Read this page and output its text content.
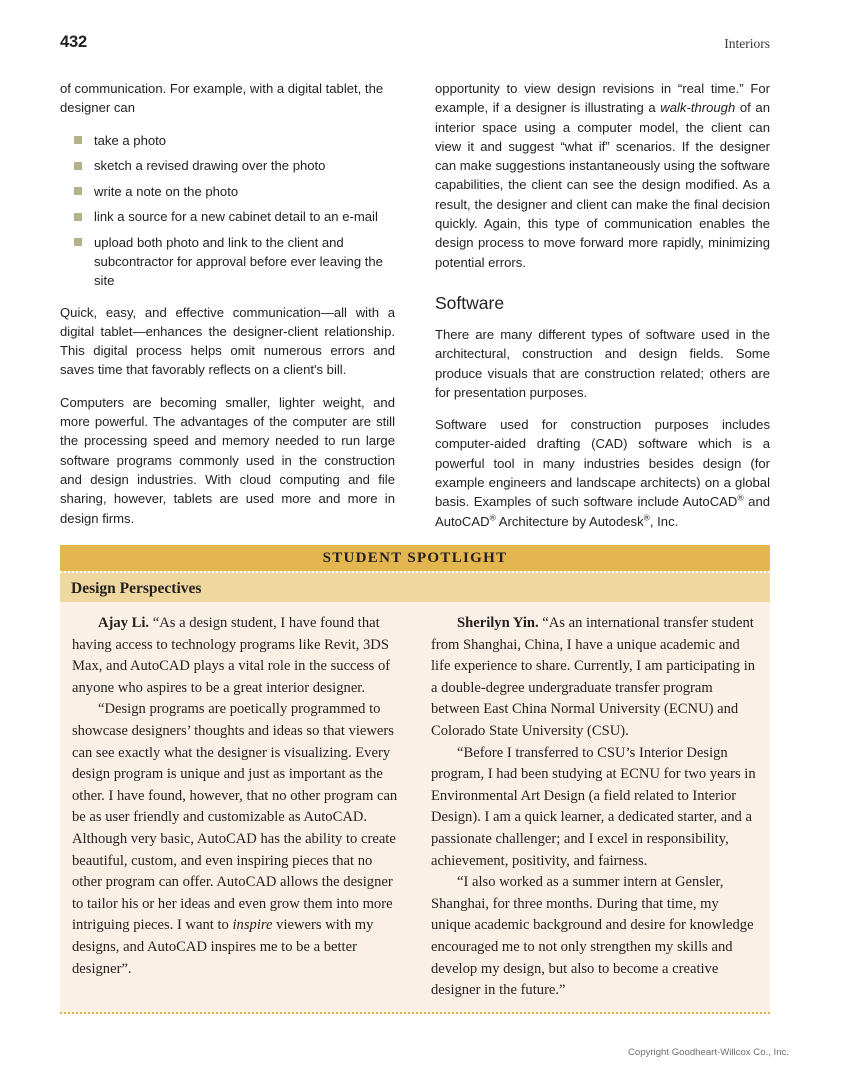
432	Interiors

of communication. For example, with a digital tablet, the designer can

take a photo
sketch a revised drawing over the photo
write a note on the photo
link a source for a new cabinet detail to an e-mail
upload both photo and link to the client and subcontractor for approval before ever leaving the site

Quick, easy, and effective communication—all with a digital tablet—enhances the designer-client relationship. This digital process helps omit numerous errors and saves time that favorably reflects on a client's bill.

Computers are becoming smaller, lighter weight, and more powerful. The advantages of the computer are still the processing speed and memory needed to run large software programs commonly used in the construction and design industries. With cloud computing and file sharing, however, tablets are used more and more in design firms.

opportunity to view design revisions in “real time.” For example, if a designer is illustrating a walk-through of an interior space using a computer model, the client can view it and suggest “what if” scenarios. If the designer can make suggestions instantaneously using the software capabilities, the client can see the design modified. As a result, the designer and client can make the final decision quickly. Again, this type of communication enables the design process to move forward more rapidly, minimizing potential errors.

Software

There are many different types of software used in the architectural, construction and design fields. Some produce visuals that are construction related; others are for presentation purposes.

Software used for construction purposes includes computer-aided drafting (CAD) software which is a powerful tool in many industries besides design (for example engineers and landscape architects) on a global basis. Examples of such software include AutoCAD® and AutoCAD® Architecture by Autodesk®, Inc.

STUDENT SPOTLIGHT
Design Perspectives

Ajay Li. “As a design student, I have found that having access to technology programs like Revit, 3DS Max, and AutoCAD plays a vital role in the success of anyone who aspires to be a great interior designer.

“Design programs are poetically programmed to showcase designers’ thoughts and ideas so that viewers can see exactly what the designer is visualizing. Every design program is unique and just as important as the other. I have found, however, that no other program can be as user friendly and customizable as AutoCAD. Although very basic, AutoCAD has the ability to create beautiful, custom, and even inspiring pieces that no other program can offer. AutoCAD allows the designer to tailor his or her ideas and even grow them into more intriguing pieces. I want to inspire viewers with my designs, and AutoCAD inspires me to be a better designer”.

Sherilyn Yin. “As an international transfer student from Shanghai, China, I have a unique academic and life experience to share. Currently, I am participating in a double-degree undergraduate transfer program between East China Normal University (ECNU) and Colorado State University (CSU).

“Before I transferred to CSU’s Interior Design program, I had been studying at ECNU for two years in Environmental Art Design (a field related to Interior Design). I am a quick learner, a dedicated starter, and a passionate challenger; and I excel in responsibility, achievement, positivity, and fairness.

“I also worked as a summer intern at Gensler, Shanghai, for three months. During that time, my unique academic background and desire for knowledge encouraged me to not only strengthen my skills and develop my design, but also to become a creative designer in the future.”

Copyright Goodheart-Willcox Co., Inc.
